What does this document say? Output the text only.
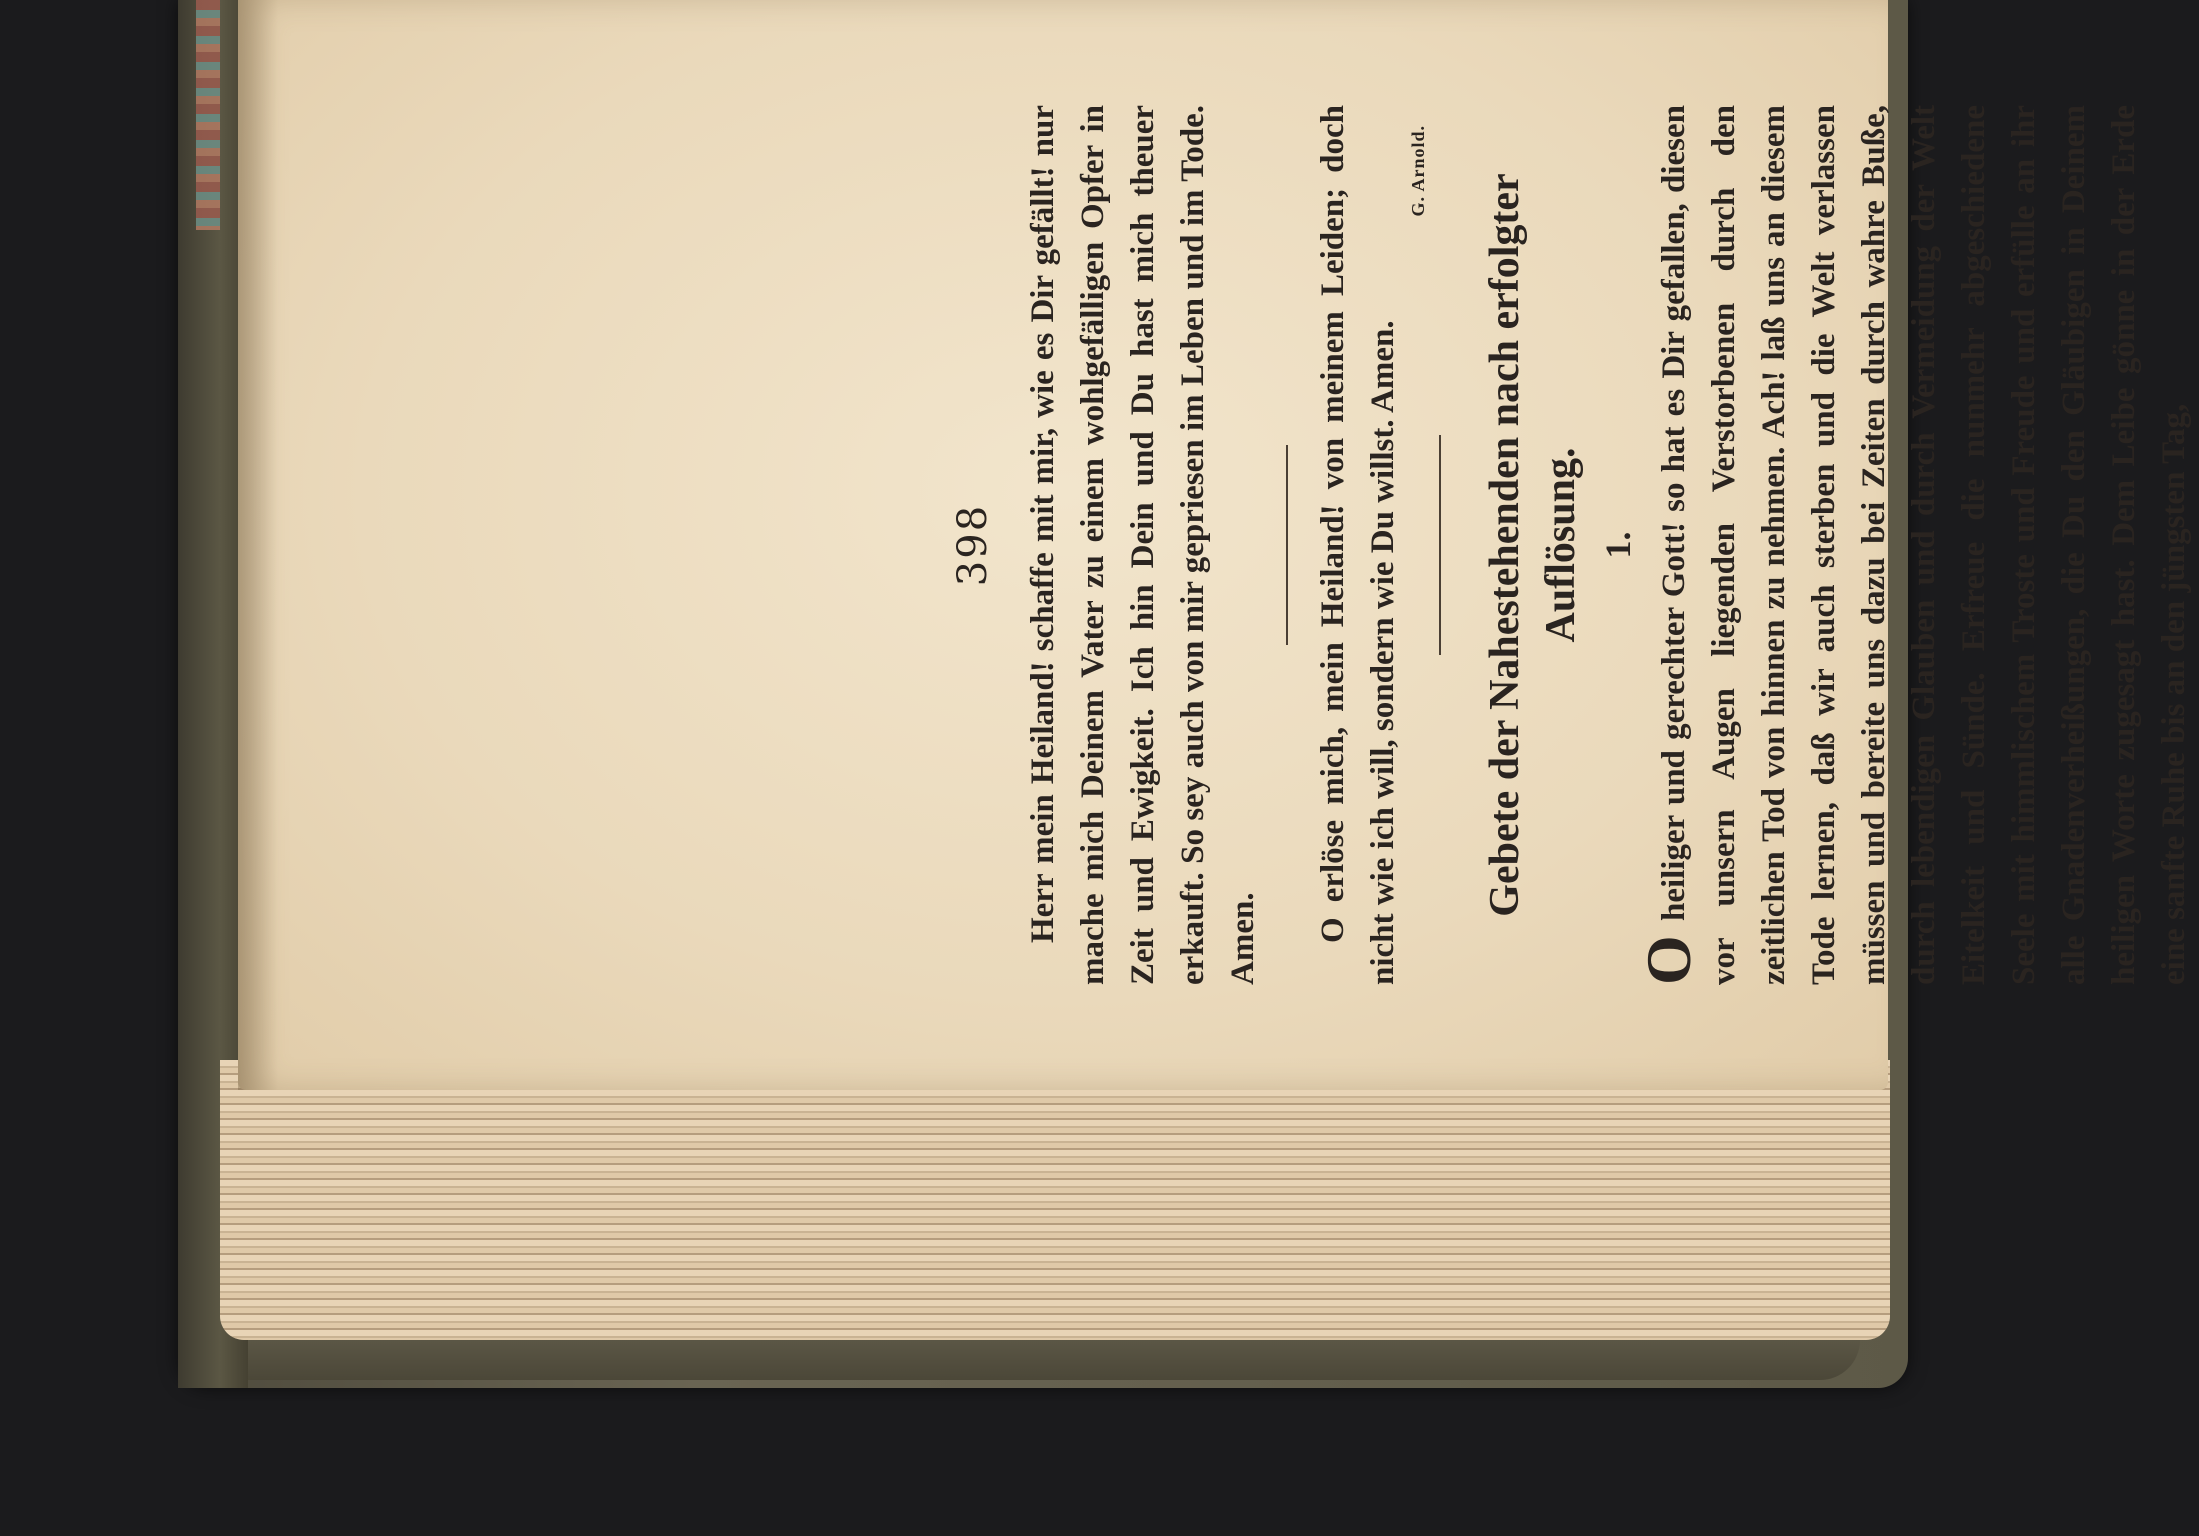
398 Herr mein Heiland! schaffe mit mir, wie es Dir gefällt! nur mache mich Deinem Vater zu einem wohlgefälligen Opfer in Zeit und Ewigkeit. Ich hin Dein und Du hast mich theuer erkauft. So sey auch von mir gepriesen im Leben und im Tode. Amen. O erlöse mich, mein Heiland! von meinem Leiden; doch nicht wie ich will, sondern wie Du willst. Amen.

G. Arnold.

Gebete der Nahestehenden nach erfolgter Auflösung. 1.

O heiliger und gerechter Gott! so hat es Dir gefallen, diesen vor unsern Augen liegenden Verstorbenen durch den zeitlichen Tod von hinnen zu nehmen. Ach! laß uns an diesem Tode lernen, daß wir auch sterben und die Welt verlassen müssen und bereite uns dazu bei Zeiten durch wahre Buße, durch lebendigen Glauben und durch Vermeidung der Welt Eitelkeit und Sünde. Erfreue die nunmehr abgeschiedene Seele mit himmlischem Troste und Freude und erfülle an ihr alle Gnadenverheißungen, die Du den Gläubigen in Deinem heiligen Worte zugesagt hast. Dem Leibe gönne in der Erde eine sanfte Ruhe bis an den jüngsten Tag,
